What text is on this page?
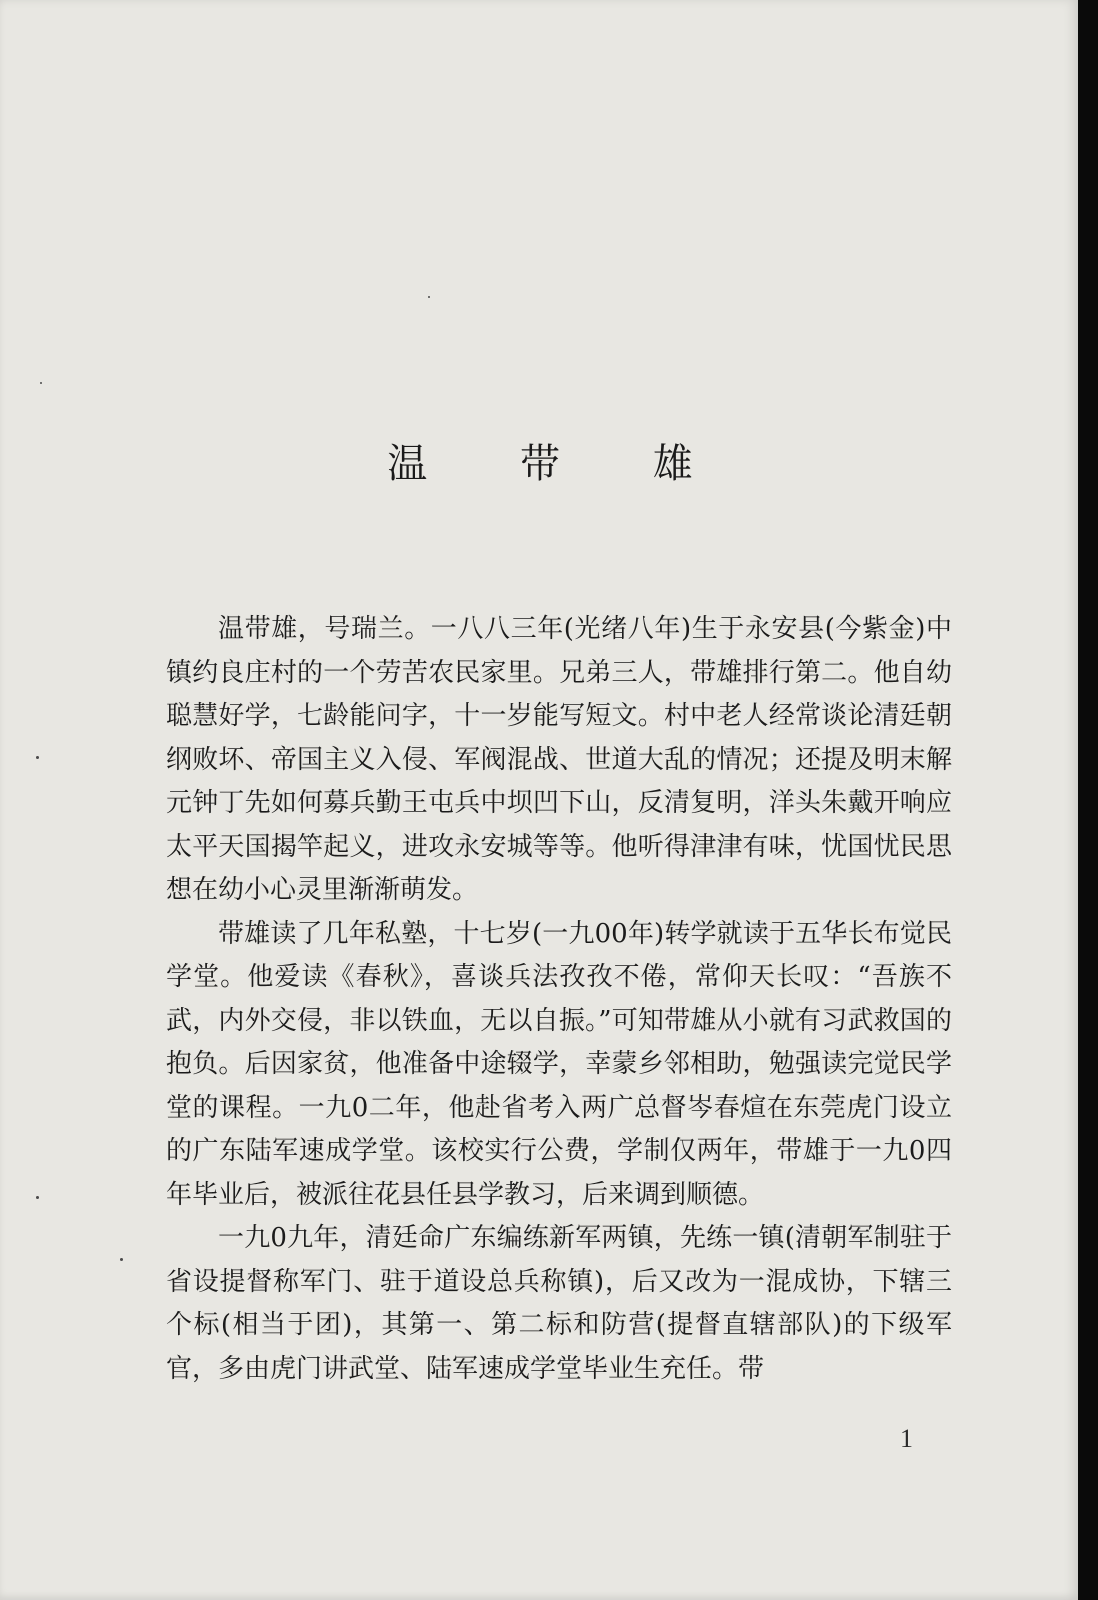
温 带 雄

温带雄，号瑞兰。一八八三年(光绪八年)生于永安县(今紫金)中镇约良庄村的一个劳苦农民家里。兄弟三人，带雄排行第二。他自幼聪慧好学，七龄能问字，十一岁能写短文。村中老人经常谈论清廷朝纲败坏、帝国主义入侵、军阀混战、世道大乱的情况；还提及明末解元钟丁先如何募兵勤王屯兵中坝凹下山，反清复明，洋头朱戴开响应太平天国揭竿起义，进攻永安城等等。他听得津津有味，忧国忧民思想在幼小心灵里渐渐萌发。

带雄读了几年私塾，十七岁(一九00年)转学就读于五华长布觉民学堂。他爱读《春秋》，喜谈兵法孜孜不倦，常仰天长叹：“吾族不武，内外交侵，非以铁血，无以自振。”可知带雄从小就有习武救国的抱负。后因家贫，他准备中途辍学，幸蒙乡邻相助，勉强读完觉民学堂的课程。一九0二年，他赴省考入两广总督岑春煊在东莞虎门设立的广东陆军速成学堂。该校实行公费，学制仅两年，带雄于一九0四年毕业后，被派往花县任县学教习，后来调到顺德。

一九0九年，清廷命广东编练新军两镇，先练一镇(清朝军制驻于省设提督称军门、驻于道设总兵称镇)，后又改为一混成协，下辖三个标(相当于团)，其第一、第二标和防营(提督直辖部队)的下级军官，多由虎门讲武堂、陆军速成学堂毕业生充任。带

1
